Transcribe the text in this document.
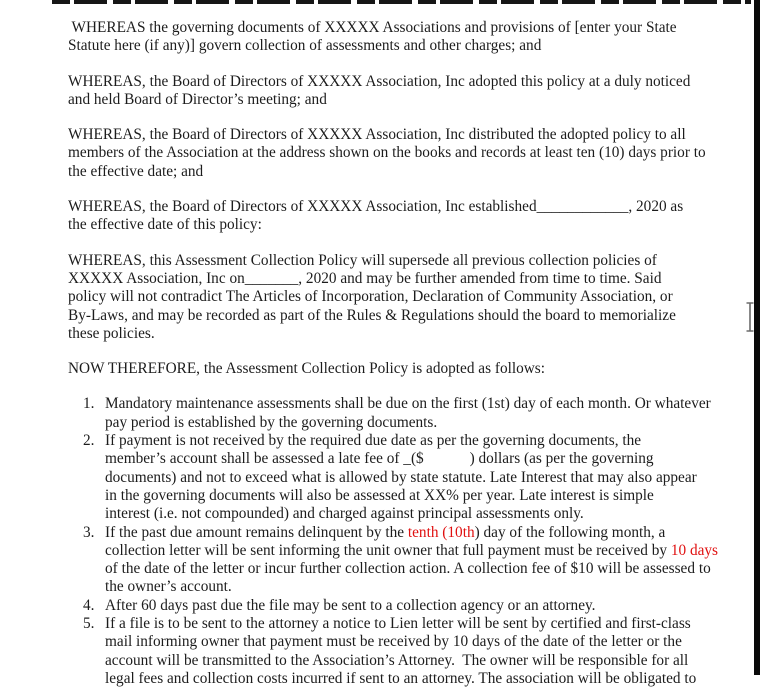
WHEREAS the governing documents of XXXXX Associations and provisions of [enter your State
Statute here (if any)] govern collection of assessments and other charges; and
WHEREAS, the Board of Directors of XXXXX Association, Inc adopted this policy at a duly noticed
and held Board of Director’s meeting; and
WHEREAS, the Board of Directors of XXXXX Association, Inc distributed the adopted policy to all
members of the Association at the address shown on the books and records at least ten (10) days prior to
the effective date; and
WHEREAS, the Board of Directors of XXXXX Association, Inc established____________, 2020 as
the effective date of this policy:
WHEREAS, this Assessment Collection Policy will supersede all previous collection policies of
XXXXX Association, Inc on_______, 2020 and may be further amended from time to time. Said
policy will not contradict The Articles of Incorporation, Declaration of Community Association, or
By-Laws, and may be recorded as part of the Rules & Regulations should the board to memorialize
these policies.
NOW THEREFORE, the Assessment Collection Policy is adopted as follows:
1. Mandatory maintenance assessments shall be due on the first (1st) day of each month. Or whatever
pay period is established by the governing documents.
2. If payment is not received by the required due date as per the governing documents, the
member’s account shall be assessed a late fee of _($            ) dollars (as per the governing
documents) and not to exceed what is allowed by state statute. Late Interest that may also appear
in the governing documents will also be assessed at XX% per year. Late interest is simple
interest (i.e. not compounded) and charged against principal assessments only.
3. If the past due amount remains delinquent by the tenth (10th) day of the following month, a
collection letter will be sent informing the unit owner that full payment must be received by 10 days
of the date of the letter or incur further collection action. A collection fee of $10 will be assessed to
the owner’s account.
4. After 60 days past due the file may be sent to a collection agency or an attorney.
5. If a file is to be sent to the attorney a notice to Lien letter will be sent by certified and first-class
mail informing owner that payment must be received by 10 days of the date of the letter or the
account will be transmitted to the Association’s Attorney.  The owner will be responsible for all
legal fees and collection costs incurred if sent to an attorney. The association will be obligated to
